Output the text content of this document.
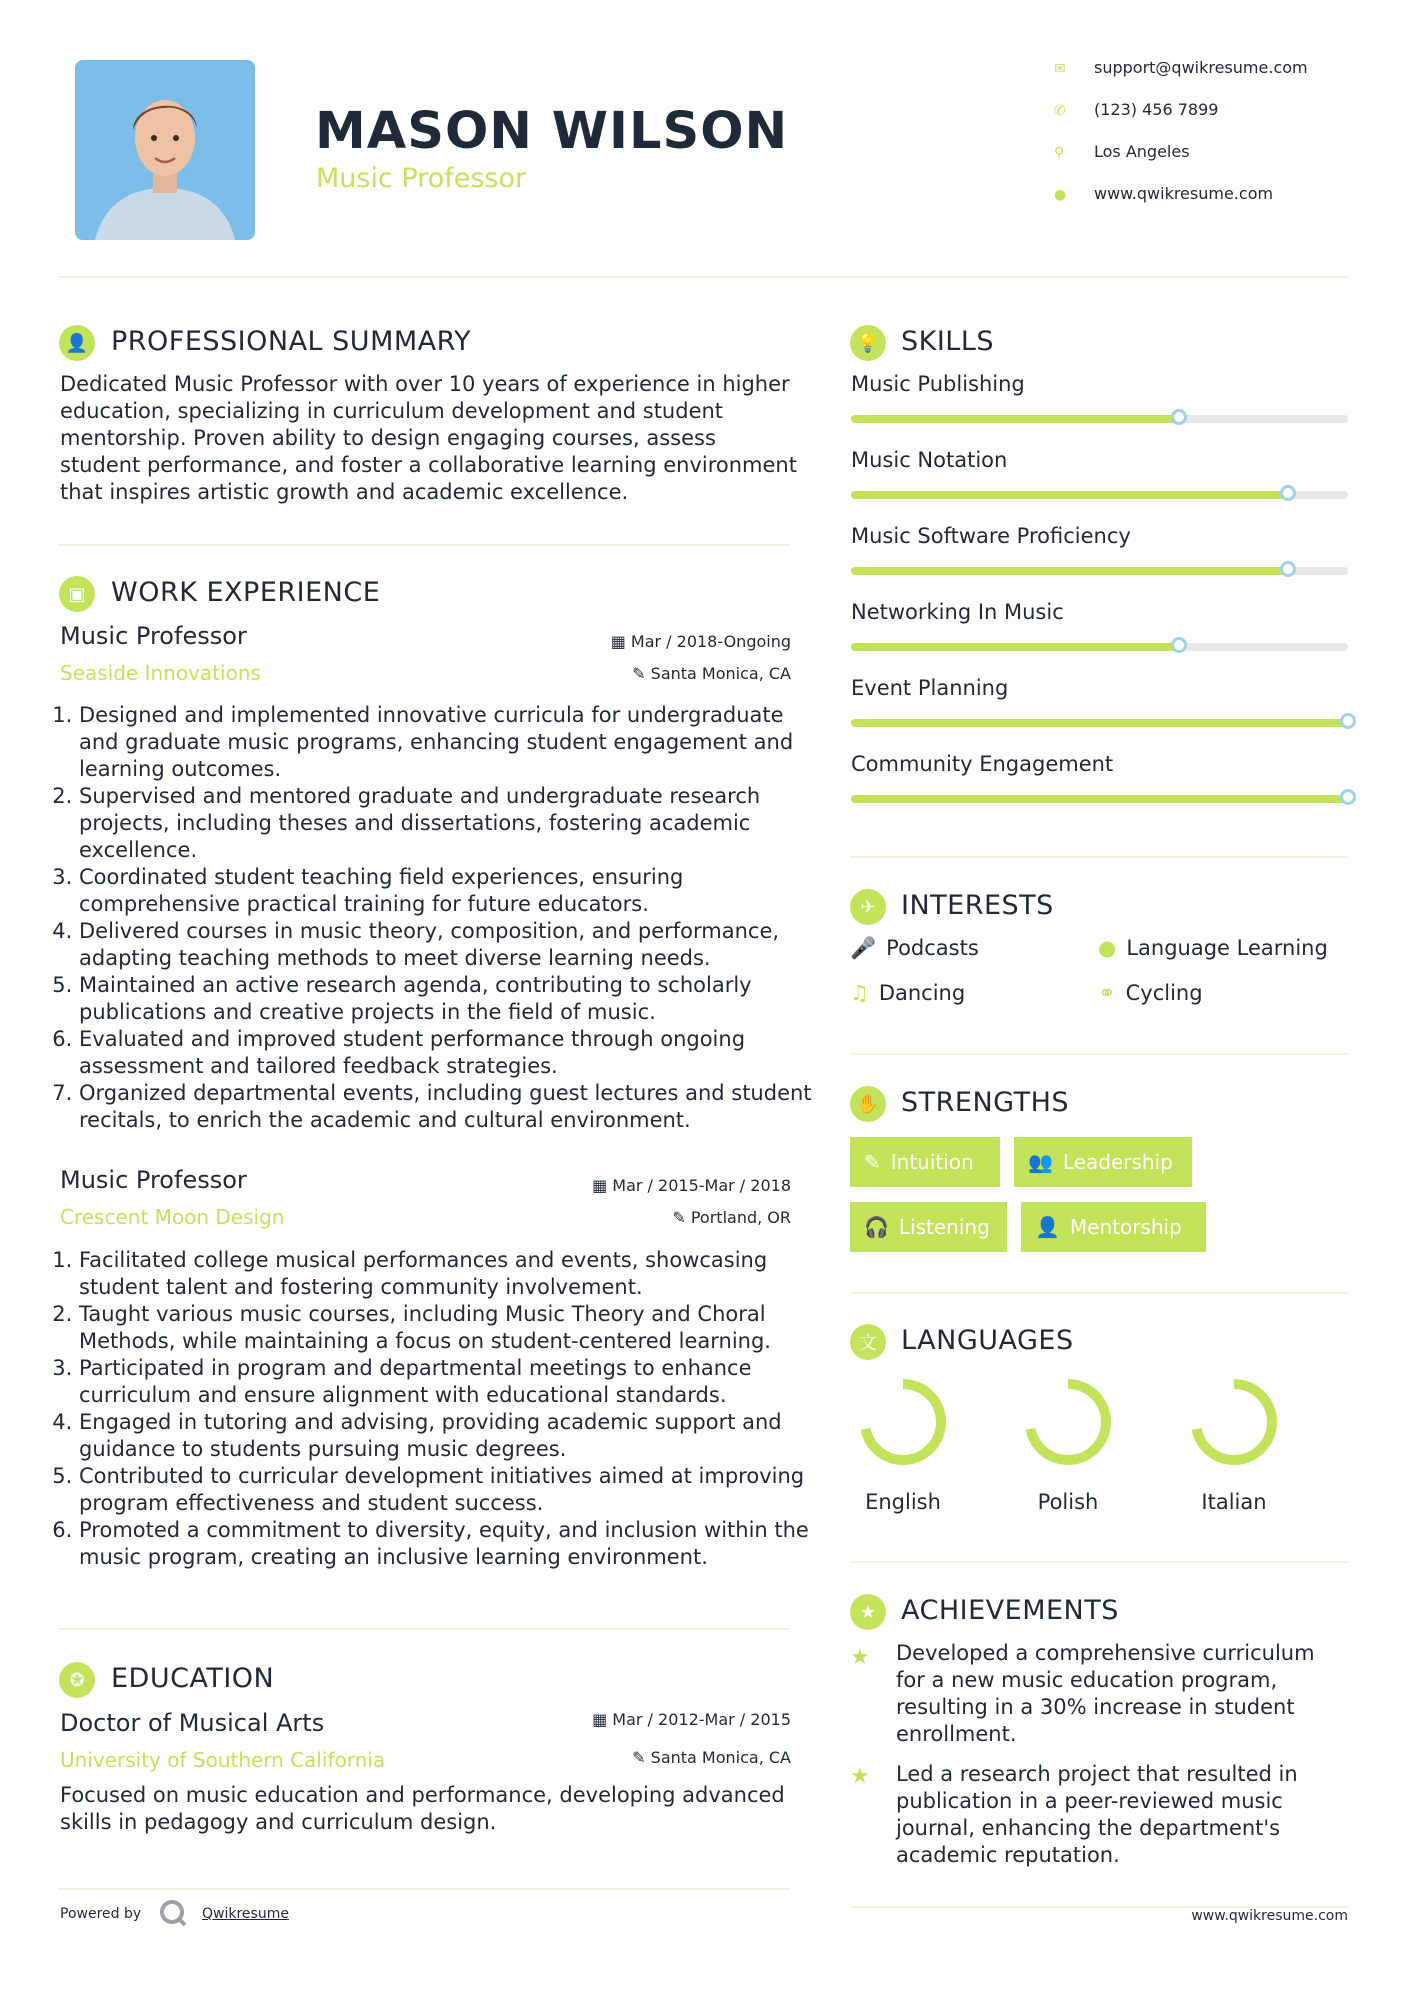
MASON WILSON
Music Professor
✉ support@qwikresume.com
✆ (123) 456 7899
⚲ Los Angeles
● www.qwikresume.com
👤 PROFESSIONAL SUMMARY
Dedicated Music Professor with over 10 years of experience in higher education, specializing in curriculum development and student mentorship. Proven ability to design engaging courses, assess student performance, and foster a collaborative learning environment that inspires artistic growth and academic excellence.
▣ WORK EXPERIENCE
Music Professor
Seaside Innovations
▦ Mar / 2018-Ongoing
✎ Santa Monica, CA
1. Designed and implemented innovative curricula for undergraduate and graduate music programs, enhancing student engagement and learning outcomes.
2. Supervised and mentored graduate and undergraduate research projects, including theses and dissertations, fostering academic excellence.
3. Coordinated student teaching field experiences, ensuring comprehensive practical training for future educators.
4. Delivered courses in music theory, composition, and performance, adapting teaching methods to meet diverse learning needs.
5. Maintained an active research agenda, contributing to scholarly publications and creative projects in the field of music.
6. Evaluated and improved student performance through ongoing assessment and tailored feedback strategies.
7. Organized departmental events, including guest lectures and student recitals, to enrich the academic and cultural environment.
Music Professor
Crescent Moon Design
▦ Mar / 2015-Mar / 2018
✎ Portland, OR
1. Facilitated college musical performances and events, showcasing student talent and fostering community involvement.
2. Taught various music courses, including Music Theory and Choral Methods, while maintaining a focus on student-centered learning.
3. Participated in program and departmental meetings to enhance curriculum and ensure alignment with educational standards.
4. Engaged in tutoring and advising, providing academic support and guidance to students pursuing music degrees.
5. Contributed to curricular development initiatives aimed at improving program effectiveness and student success.
6. Promoted a commitment to diversity, equity, and inclusion within the music program, creating an inclusive learning environment.
✪ EDUCATION
Doctor of Musical Arts
University of Southern California
▦ Mar / 2012-Mar / 2015
✎ Santa Monica, CA
Focused on music education and performance, developing advanced skills in pedagogy and curriculum design.
💡 SKILLS
Music Publishing
Music Notation
Music Software Proficiency
Networking In Music
Event Planning
Community Engagement
✈ INTERESTS
🎤 Podcasts	● Language Learning
♫ Dancing	⚭ Cycling
✋ STRENGTHS
✎ Intuition	👥 Leadership
🎧 Listening 👤 Mentorship
文 LANGUAGES
English	Polish	Italian
★ ACHIEVEMENTS
★ Developed a comprehensive curriculum for a new music education program, resulting in a 30% increase in student enrollment.
★ Led a research project that resulted in publication in a peer-reviewed music journal, enhancing the department's academic reputation.
Powered by	Qwikresume	www.qwikresume.com
